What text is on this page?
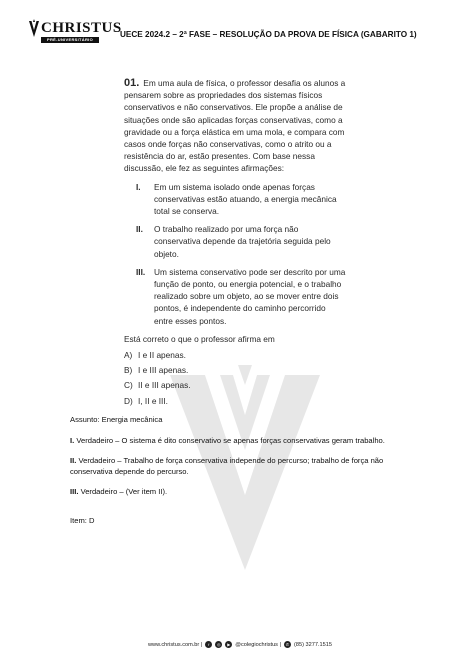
CHRISTUS
PRÉ-UNIVERSITÁRIO
UECE 2024.2 – 2ª FASE – RESOLUÇÃO DA PROVA DE FÍSICA (GABARITO 1)
01. Em uma aula de física, o professor desafia os alunos a pensarem sobre as propriedades dos sistemas físicos conservativos e não conservativos. Ele propõe a análise de situações onde são aplicadas forças conservativas, como a gravidade ou a força elástica em uma mola, e compara com casos onde forças não conservativas, como o atrito ou a resistência do ar, estão presentes. Com base nessa discussão, ele fez as seguintes afirmações:
I. Em um sistema isolado onde apenas forças conservativas estão atuando, a energia mecânica total se conserva.
II. O trabalho realizado por uma força não conservativa depende da trajetória seguida pelo objeto.
III. Um sistema conservativo pode ser descrito por uma função de ponto, ou energia potencial, e o trabalho realizado sobre um objeto, ao se mover entre dois pontos, é independente do caminho percorrido entre esses pontos.
Está correto o que o professor afirma em
A) I e II apenas.
B) I e III apenas.
C) II e III apenas.
D) I, II e III.

Assunto: Energia mecânica

I. Verdadeiro – O sistema é dito conservativo se apenas forças conservativas geram trabalho.

II. Verdadeiro – Trabalho de força conservativa independe do percurso; trabalho de força não conservativa depende do percurso.

III. Verdadeiro – (Ver item II).

Item: D

www.christus.com.br |	f	◎	▶ @colegiochristus |	✆ (85) 3277.1515
